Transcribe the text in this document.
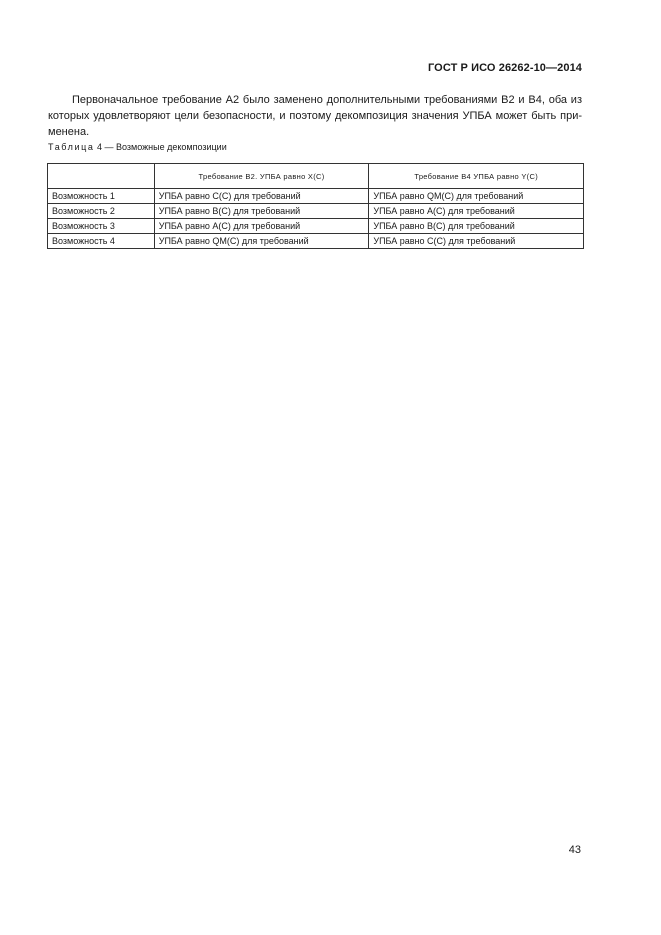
ГОСТ Р ИСО 26262-10—2014

Первоначальное требование А2 было заменено дополнительными требованиями В2 и В4, оба из которых удовлетворяют цели безопасности, и поэтому декомпозиция значения УПБА может быть при-менена.

Таблица 4 — Возможные декомпозиции
	Требование В2. УПБА равно X(C)	Требование В4 УПБА равно Y(C)
Возможность 1	УПБА равно С(С) для требований	УПБА равно QM(C) для требований
Возможность 2	УПБА равно В(С) для требований	УПБА равно А(С) для требований
Возможность 3	УПБА равно А(С) для требований	УПБА равно В(С) для требований
Возможность 4	УПБА равно QM(C) для требований	УПБА равно С(С) для требований
43
